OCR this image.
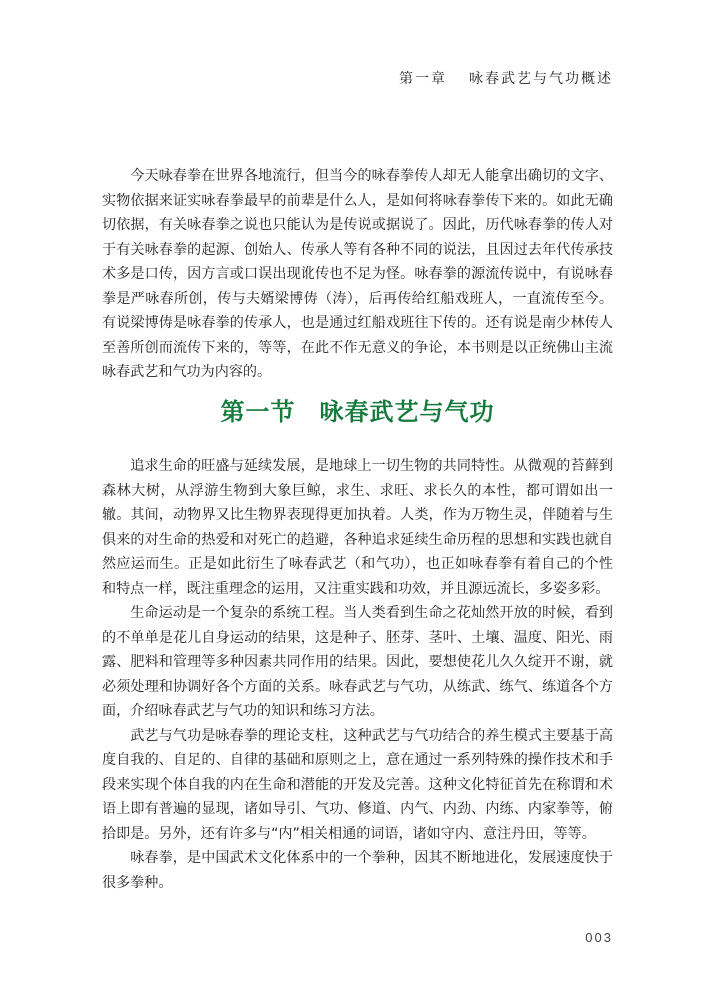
第一章 咏春武艺与气功概述

今天咏春拳在世界各地流行，但当今的咏春拳传人却无人能拿出确切的文字、实物依据来证实咏春拳最早的前辈是什么人，是如何将咏春拳传下来的。如此无确切依据，有关咏春拳之说也只能认为是传说或据说了。因此，历代咏春拳的传人对于有关咏春拳的起源、创始人、传承人等有各种不同的说法，且因过去年代传承技术多是口传，因方言或口误出现讹传也不足为怪。咏春拳的源流传说中，有说咏春拳是严咏春所创，传与夫婿梁博俦（涛），后再传给红船戏班人，一直流传至今。有说梁博俦是咏春拳的传承人，也是通过红船戏班往下传的。还有说是南少林传人至善所创而流传下来的，等等，在此不作无意义的争论，本书则是以正统佛山主流咏春武艺和气功为内容的。

第一节 咏春武艺与气功

追求生命的旺盛与延续发展，是地球上一切生物的共同特性。从微观的苔藓到森林大树，从浮游生物到大象巨鲸，求生、求旺、求长久的本性，都可谓如出一辙。其间，动物界又比生物界表现得更加执着。人类，作为万物生灵，伴随着与生俱来的对生命的热爱和对死亡的趋避，各种追求延续生命历程的思想和实践也就自然应运而生。正是如此衍生了咏春武艺（和气功），也正如咏春拳有着自己的个性和特点一样，既注重理念的运用，又注重实践和功效，并且源远流长，多姿多彩。

生命运动是一个复杂的系统工程。当人类看到生命之花灿然开放的时候，看到的不单单是花儿自身运动的结果，这是种子、胚芽、茎叶、土壤、温度、阳光、雨露、肥料和管理等多种因素共同作用的结果。因此，要想使花儿久久绽开不谢，就必须处理和协调好各个方面的关系。咏春武艺与气功，从练武、练气、练道各个方面，介绍咏春武艺与气功的知识和练习方法。

武艺与气功是咏春拳的理论支柱，这种武艺与气功结合的养生模式主要基于高度自我的、自足的、自律的基础和原则之上，意在通过一系列特殊的操作技术和手段来实现个体自我的内在生命和潜能的开发及完善。这种文化特征首先在称谓和术语上即有普遍的显现，诸如导引、气功、修道、内气、内劲、内练、内家拳等，俯拾即是。另外，还有许多与“内”相关相通的词语，诸如守内、意注丹田，等等。

咏春拳，是中国武术文化体系中的一个拳种，因其不断地进化，发展速度快于很多拳种。

003
